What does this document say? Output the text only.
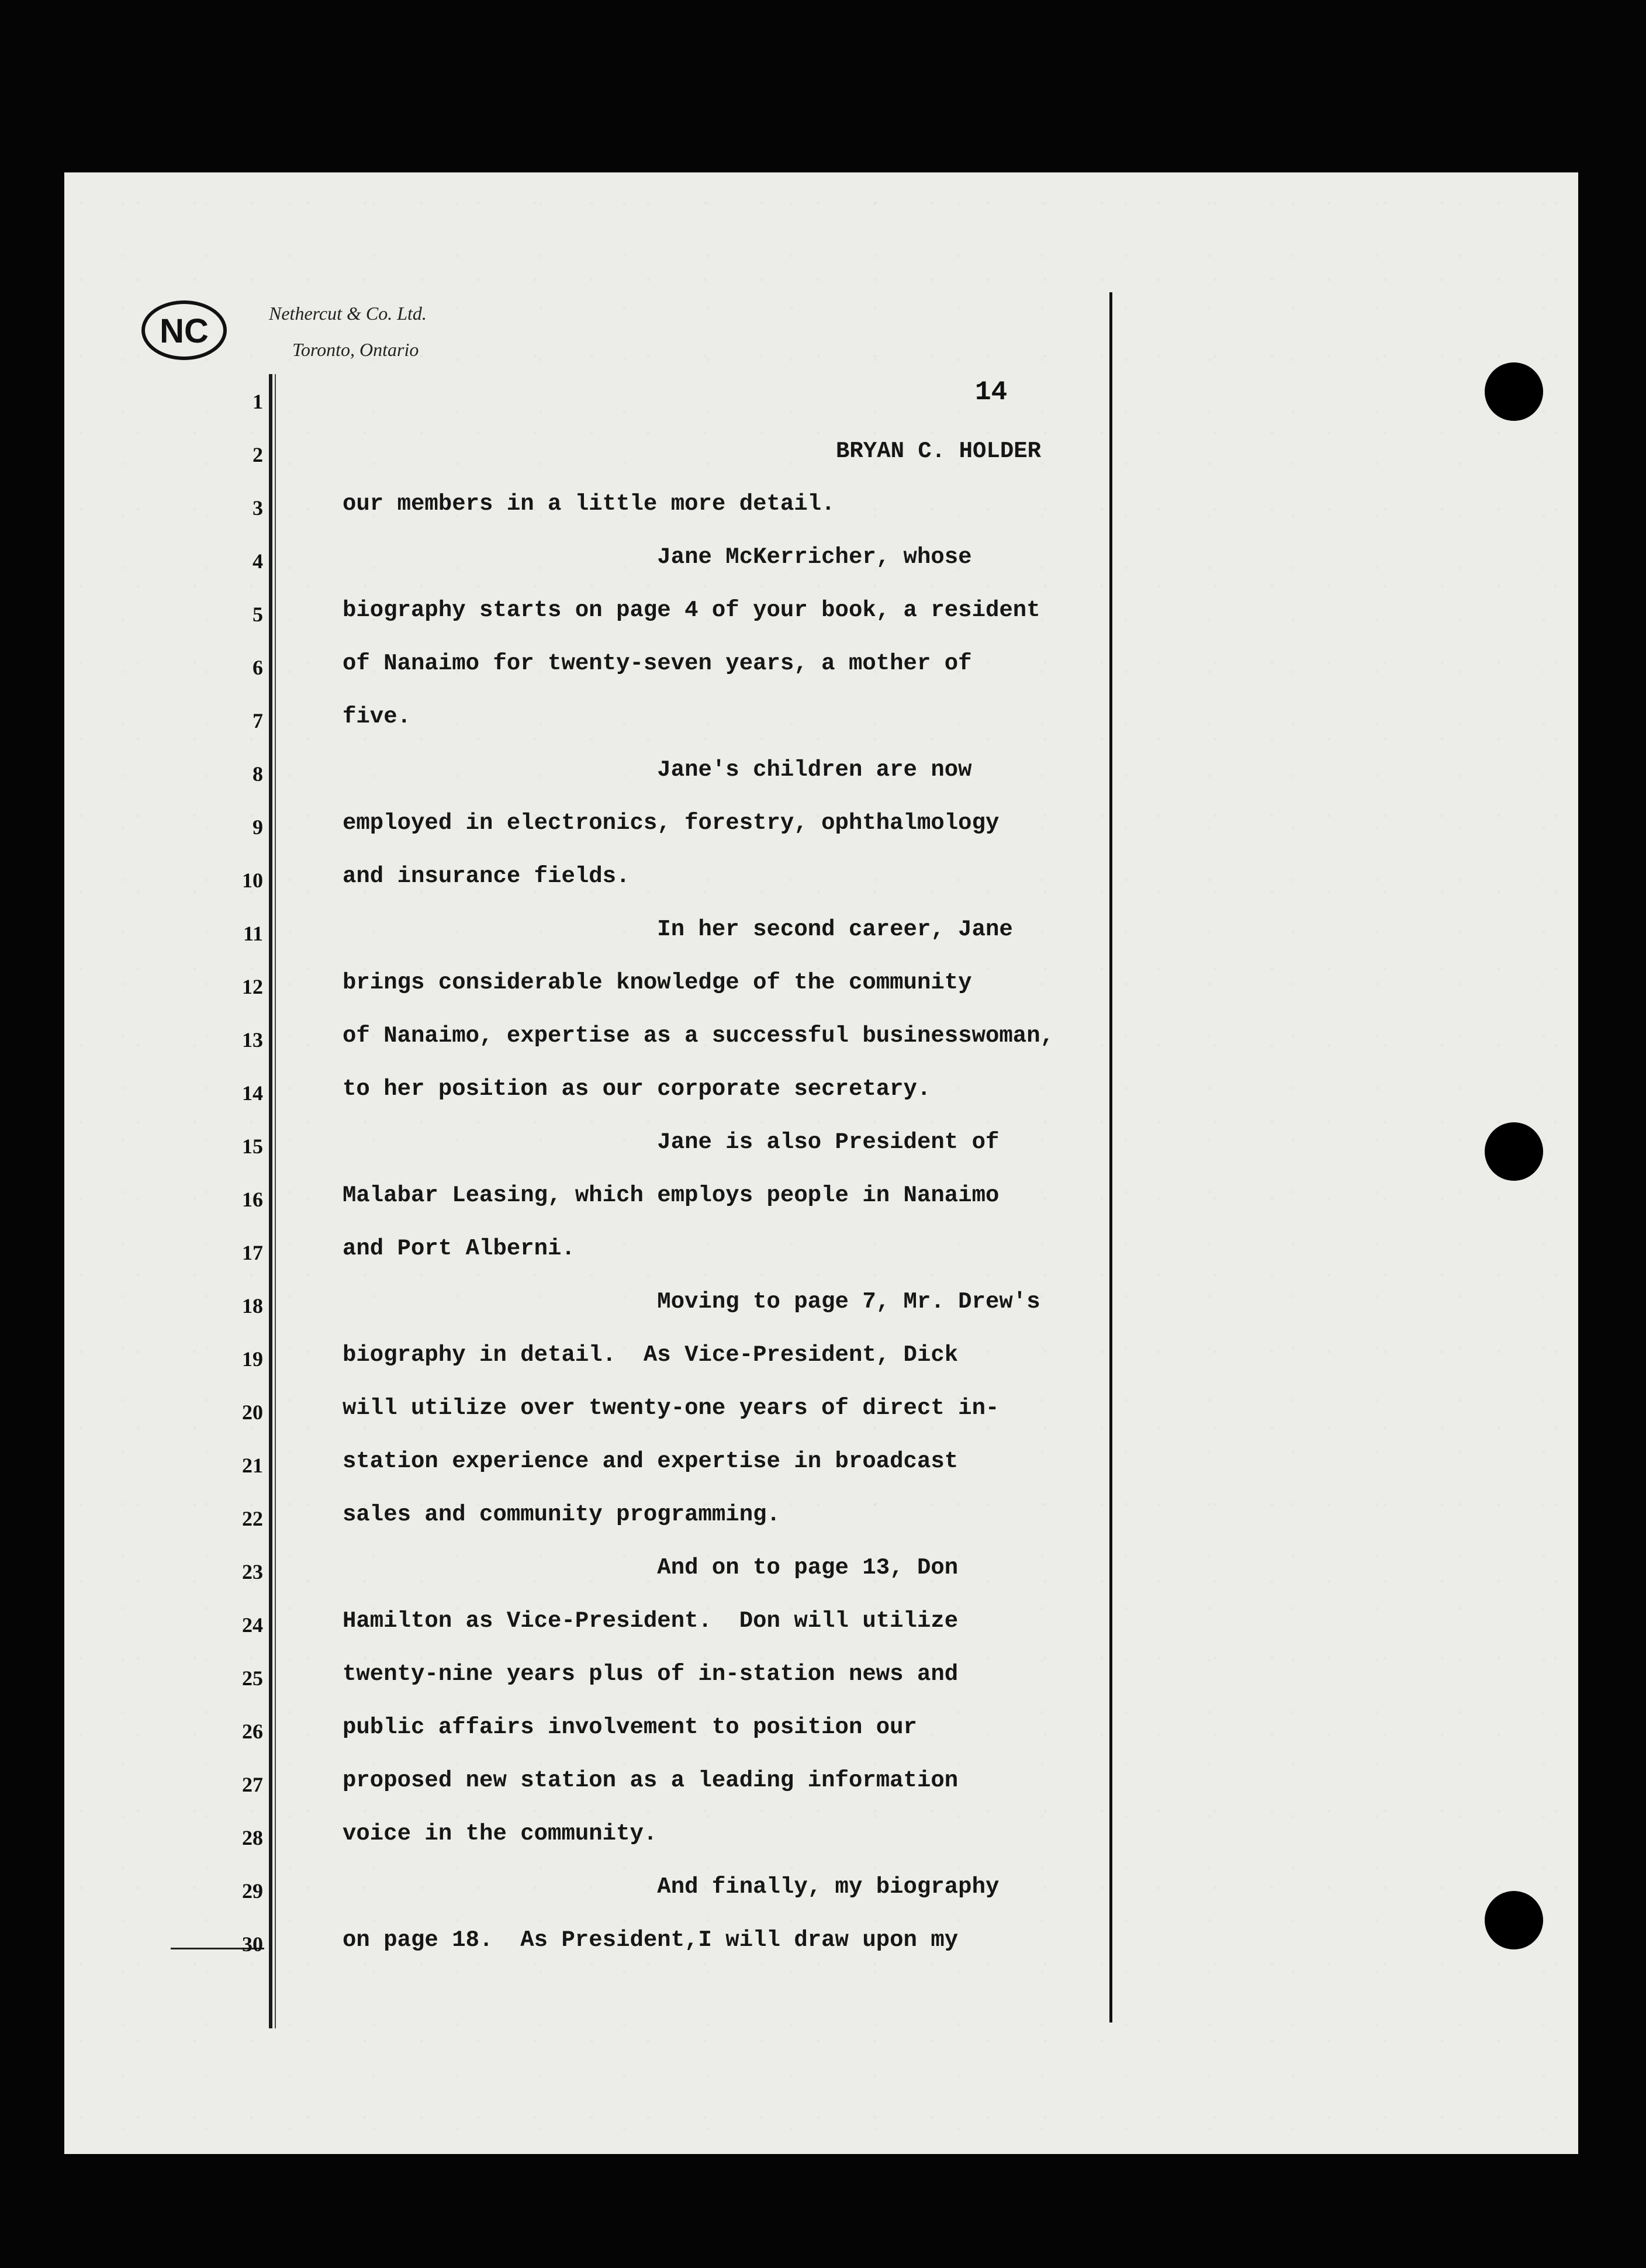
NC	Nethercut & Co. Ltd.
Toronto, Ontario
14
BRYAN C. HOLDER
1
2
3	our members in a little more detail.
4	Jane McKerricher, whose
5	biography starts on page 4 of your book, a resident
6	of Nanaimo for twenty-seven years, a mother of
7	five.
8	Jane's children are now
9	employed in electronics, forestry, ophthalmology
10	and insurance fields.
11	In her second career, Jane
12	brings considerable knowledge of the community
13	of Nanaimo, expertise as a successful businesswoman,
14	to her position as our corporate secretary.
15	Jane is also President of
16	Malabar Leasing, which employs people in Nanaimo
17	and Port Alberni.
18	Moving to page 7, Mr. Drew's
19	biography in detail.  As Vice-President, Dick
20	will utilize over twenty-one years of direct in-
21	station experience and expertise in broadcast
22	sales and community programming.
23	And on to page 13, Don
24	Hamilton as Vice-President.  Don will utilize
25	twenty-nine years plus of in-station news and
26	public affairs involvement to position our
27	proposed new station as a leading information
28	voice in the community.
29	And finally, my biography
30	on page 18.  As President,I will draw upon my
